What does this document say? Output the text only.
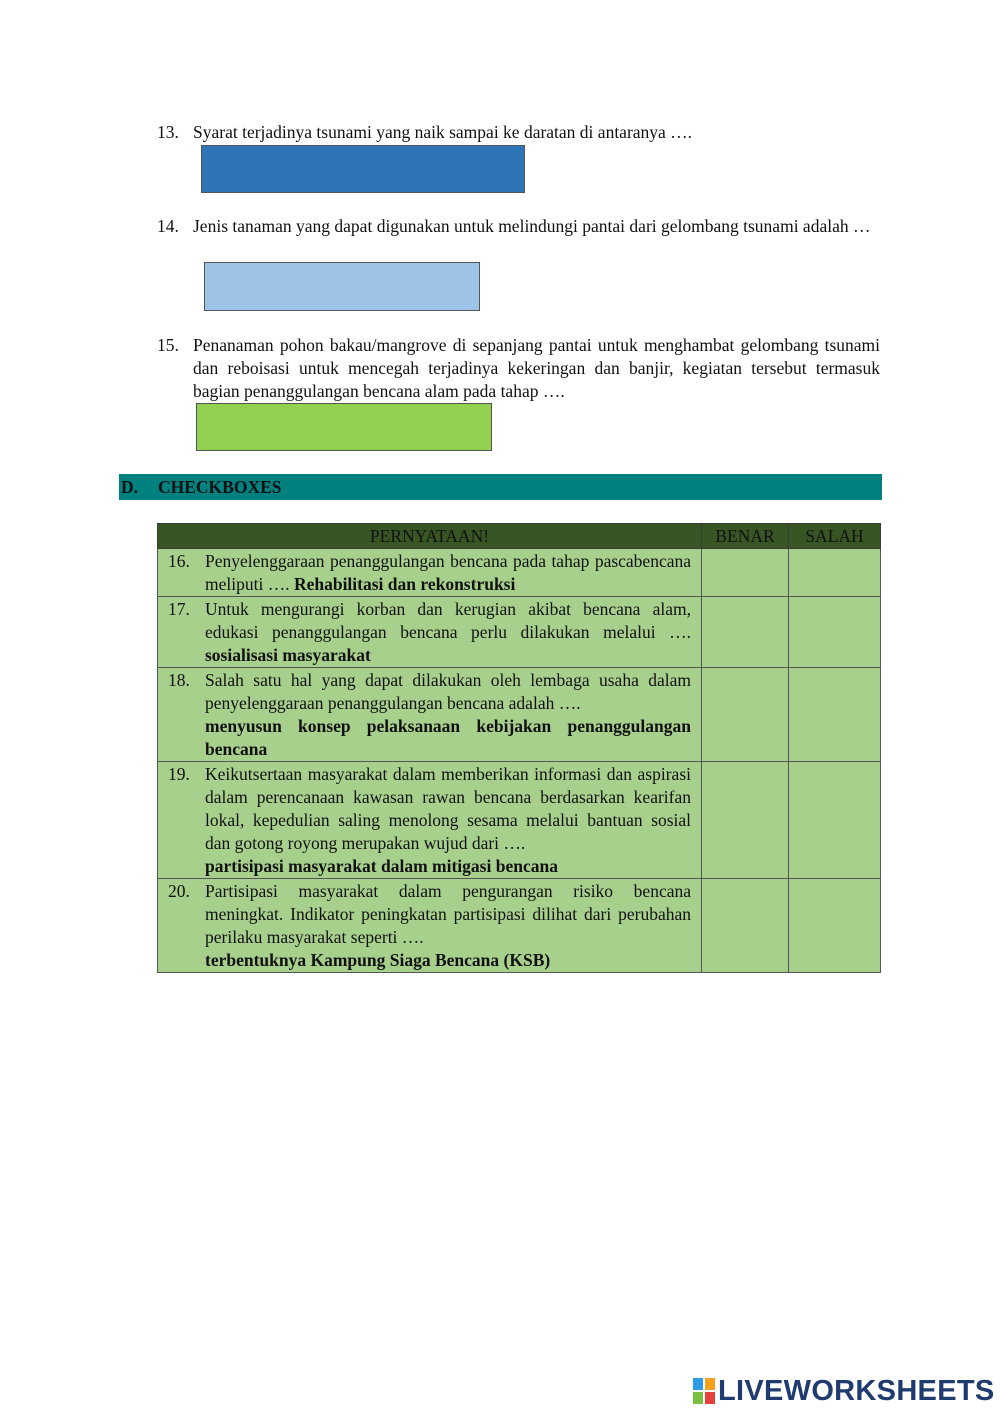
13. Syarat terjadinya tsunami yang naik sampai ke daratan di antaranya ….
14. Jenis tanaman yang dapat digunakan untuk melindungi pantai dari gelombang tsunami adalah …
15. Penanaman pohon bakau/mangrove di sepanjang pantai untuk menghambat gelombang tsunami dan reboisasi untuk mencegah terjadinya kekeringan dan banjir, kegiatan tersebut termasuk bagian penanggulangan bencana alam pada tahap ….
D. CHECKBOXES
PERNYATAAN!	BENAR	SALAH

16. Penyelenggaraan penanggulangan bencana pada tahap pascabencana meliputi …. Rehabilitasi dan rekonstruksi		

17. Untuk mengurangi korban dan kerugian akibat bencana alam, edukasi penanggulangan bencana perlu dilakukan melalui …. sosialisasi masyarakat		

18. Salah satu hal yang dapat dilakukan oleh lembaga usaha dalam penyelenggaraan penanggulangan bencana adalah ….

menyusun konsep pelaksanaan kebijakan penanggulangan bencana		

19. Keikutsertaan masyarakat dalam memberikan informasi dan aspirasi dalam perencanaan kawasan rawan bencana berdasarkan kearifan lokal, kepedulian saling menolong sesama melalui bantuan sosial dan gotong royong merupakan wujud dari ….
partisipasi masyarakat dalam mitigasi bencana		

20. Partisipasi masyarakat dalam pengurangan risiko bencana meningkat. Indikator peningkatan partisipasi dilihat dari perubahan perilaku masyarakat seperti ….
terbentuknya Kampung Siaga Bencana (KSB)		

LIVEWORKSHEETS
